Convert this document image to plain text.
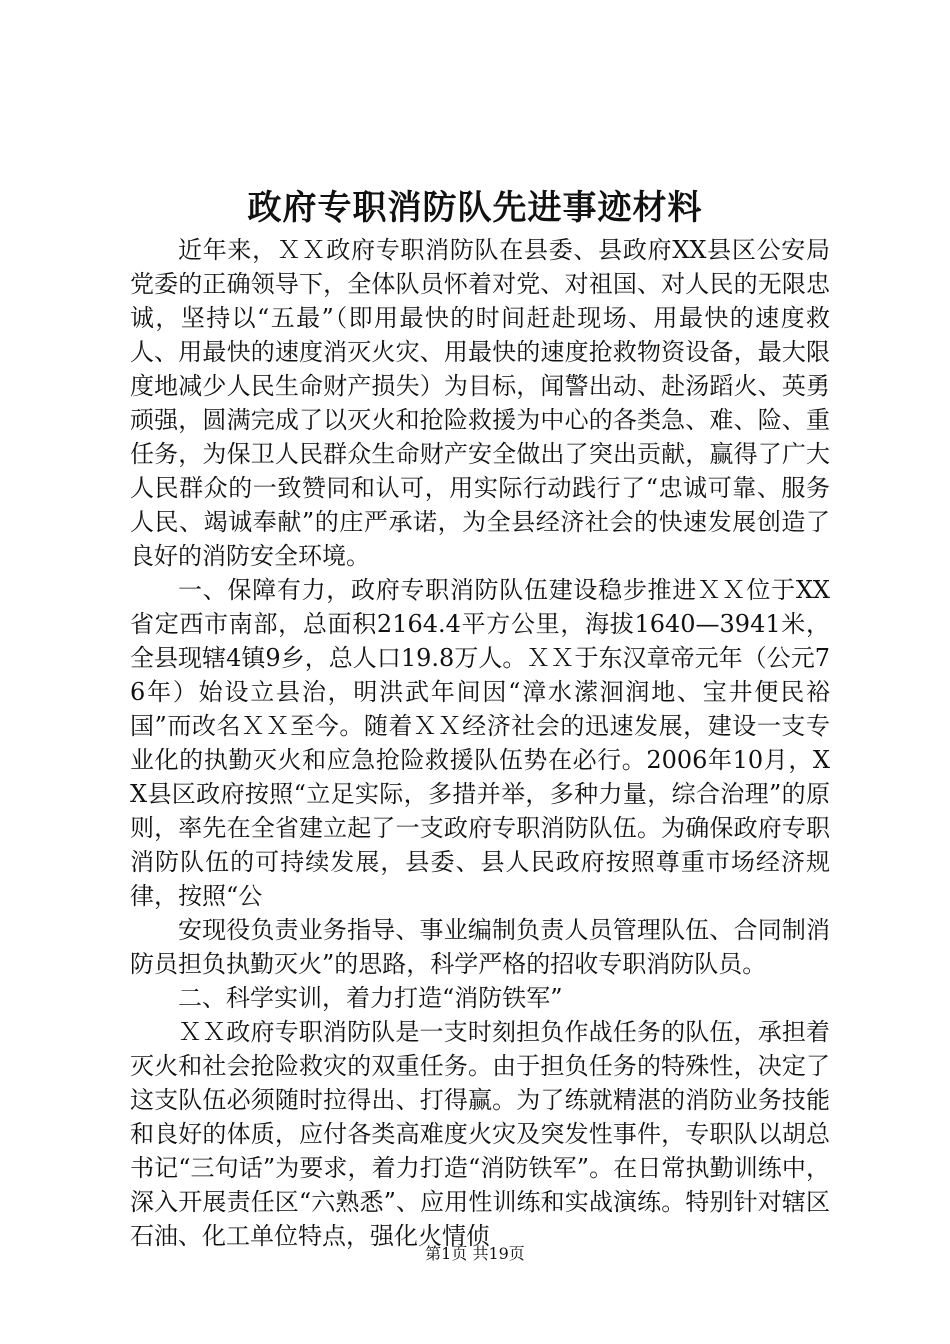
政府专职消防队先进事迹材料

近年来，ＸＸ政府专职消防队在县委、县政府XX县区公安局党委的正确领导下，全体队员怀着对党、对祖国、对人民的无限忠诚，坚持以“五最”（即用最快的时间赶赴现场、用最快的速度救人、用最快的速度消灭火灾、用最快的速度抢救物资设备，最大限度地减少人民生命财产损失）为目标，闻警出动、赴汤蹈火、英勇顽强，圆满完成了以灭火和抢险救援为中心的各类急、难、险、重任务，为保卫人民群众生命财产安全做出了突出贡献，赢得了广大人民群众的一致赞同和认可，用实际行动践行了“忠诚可靠、服务人民、竭诚奉献”的庄严承诺，为全县经济社会的快速发展创造了良好的消防安全环境。

一、保障有力，政府专职消防队伍建设稳步推进ＸＸ位于XX省定西市南部，总面积2164.4平方公里，海拔1640—3941米，全县现辖4镇9乡，总人口19.8万人。ＸＸ于东汉章帝元年（公元76年）始设立县治，明洪武年间因“漳水潆洄润地、宝井便民裕国”而改名ＸＸ至今。随着ＸＸ经济社会的迅速发展，建设一支专业化的执勤灭火和应急抢险救援队伍势在必行。2006年10月，XX县区政府按照“立足实际，多措并举，多种力量，综合治理”的原则，率先在全省建立起了一支政府专职消防队伍。为确保政府专职消防队伍的可持续发展，县委、县人民政府按照尊重市场经济规律，按照“公

安现役负责业务指导、事业编制负责人员管理队伍、合同制消防员担负执勤灭火”的思路，科学严格的招收专职消防队员。

二、科学实训，着力打造“消防铁军”

ＸＸ政府专职消防队是一支时刻担负作战任务的队伍，承担着灭火和社会抢险救灾的双重任务。由于担负任务的特殊性，决定了这支队伍必须随时拉得出、打得赢。为了练就精湛的消防业务技能和良好的体质，应付各类高难度火灾及突发性事件，专职队以胡总书记“三句话”为要求，着力打造“消防铁军”。在日常执勤训练中，深入开展责任区“六熟悉”、应用性训练和实战演练。特别针对辖区石油、化工单位特点，强化火情侦

第1页 共19页
